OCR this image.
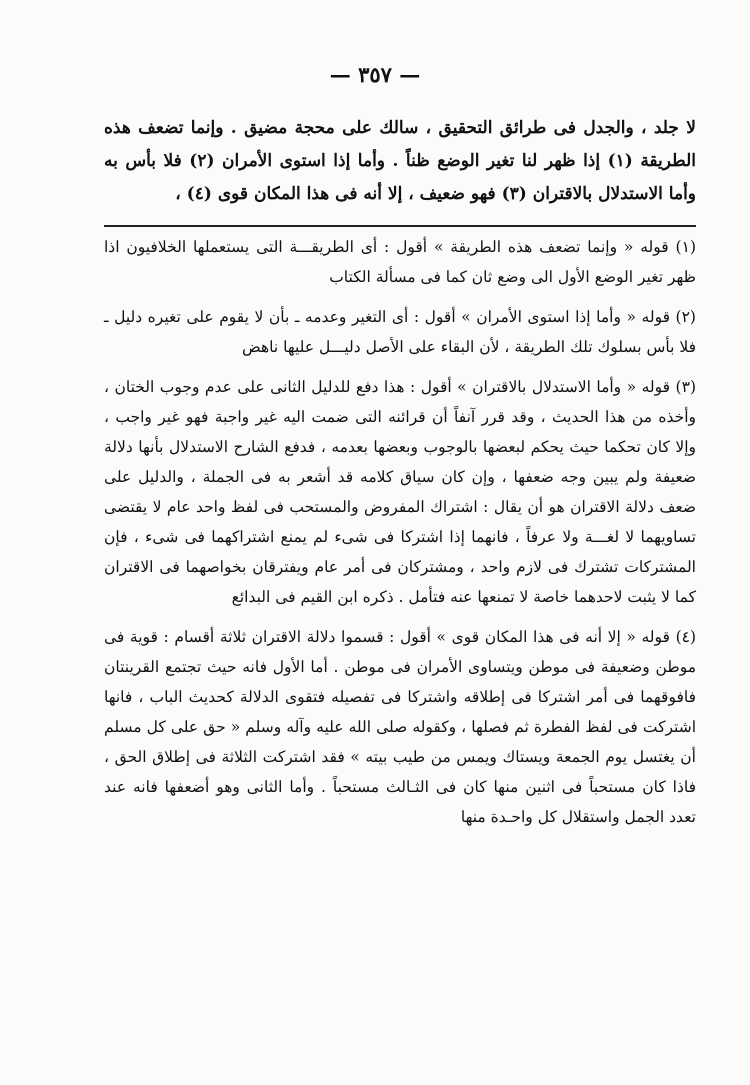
— ٣٥٧ —

لا جلد ، والجدل فى طرائق التحقيق ، سالك على محجة مضيق . وإنما تضعف هذه الطريقة (١) إذا ظهر لنا تغير الوضع ظناً . وأما إذا استوى الأمران (٢) فلا بأس به وأما الاستدلال بالاقتران (٣) فهو ضعيف ، إلا أنه فى هذا المكان قوى (٤) ،

(١) قوله « وإنما تضعف هذه الطريقة » أقول : أى الطريقـــة التى يستعملها الخلافيون اذا ظهر تغير الوضع الأول الى وضع ثان كما فى مسألة الكتاب

(٢) قوله « وأما إذا استوى الأمران » أقول : أى التغير وعدمه ـ بأن لا يقوم على تغيره دليل ـ فلا بأس بسلوك تلك الطريقة ، لأن البقاء على الأصل دليـــل عليها ناهض

(٣) قوله « وأما الاستدلال بالاقتران » أقول : هذا دفع للدليل الثانى على عدم وجوب الختان ، وأخذه من هذا الحديث ، وقد قرر آنفاً أن قرائنه التى ضمت اليه غير واجبة فهو غير واجب ، وإلا كان تحكما حيث يحكم لبعضها بالوجوب وبعضها بعدمه ، فدفع الشارح الاستدلال بأنها دلالة ضعيفة ولم يبين وجه ضعفها ، وإن كان سياق كلامه قد أشعر به فى الجملة ، والدليل على ضعف دلالة الاقتران هو أن يقال : اشتراك المفروض والمستحب فى لفظ واحد عام لا يقتضى تساويهما لا لغـــة ولا عرفاً ، فانهما إذا اشتركا فى شىء لم يمنع اشتراكهما فى شىء ، فإن المشتركات تشترك فى لازم واحد ، ومشتركان فى أمر عام ويفترقان بخواصهما فى الاقتران كما لا يثبت لاحدهما خاصة لا تمنعها عنه فتأمل . ذكره ابن القيم فى البدائع

(٤) قوله « إلا أنه فى هذا المكان قوى » أقول : قسموا دلالة الاقتران ثلاثة أقسام : قوية فى موطن وضعيفة فى موطن ويتساوى الأمران فى موطن . أما الأول فانه حيث تجتمع القرينتان فافوقهما فى أمر اشتركا فى إطلاقه واشتركا فى تفصيله فتقوى الدلالة كحديث الباب ، فانها اشتركت فى لفظ الفطرة ثم فصلها ، وكقوله صلى الله عليه وآله وسلم « حق على كل مسلم أن يغتسل يوم الجمعة ويستاك ويمس من طيب بيته » فقد اشتركت الثلاثة فى إطلاق الحق ، فاذا كان مستحباً فى اثنين منها كان فى الثـالث مستحباً . وأما الثانى وهو أضعفها فانه عند تعدد الجمل واستقلال كل واحـدة منها
